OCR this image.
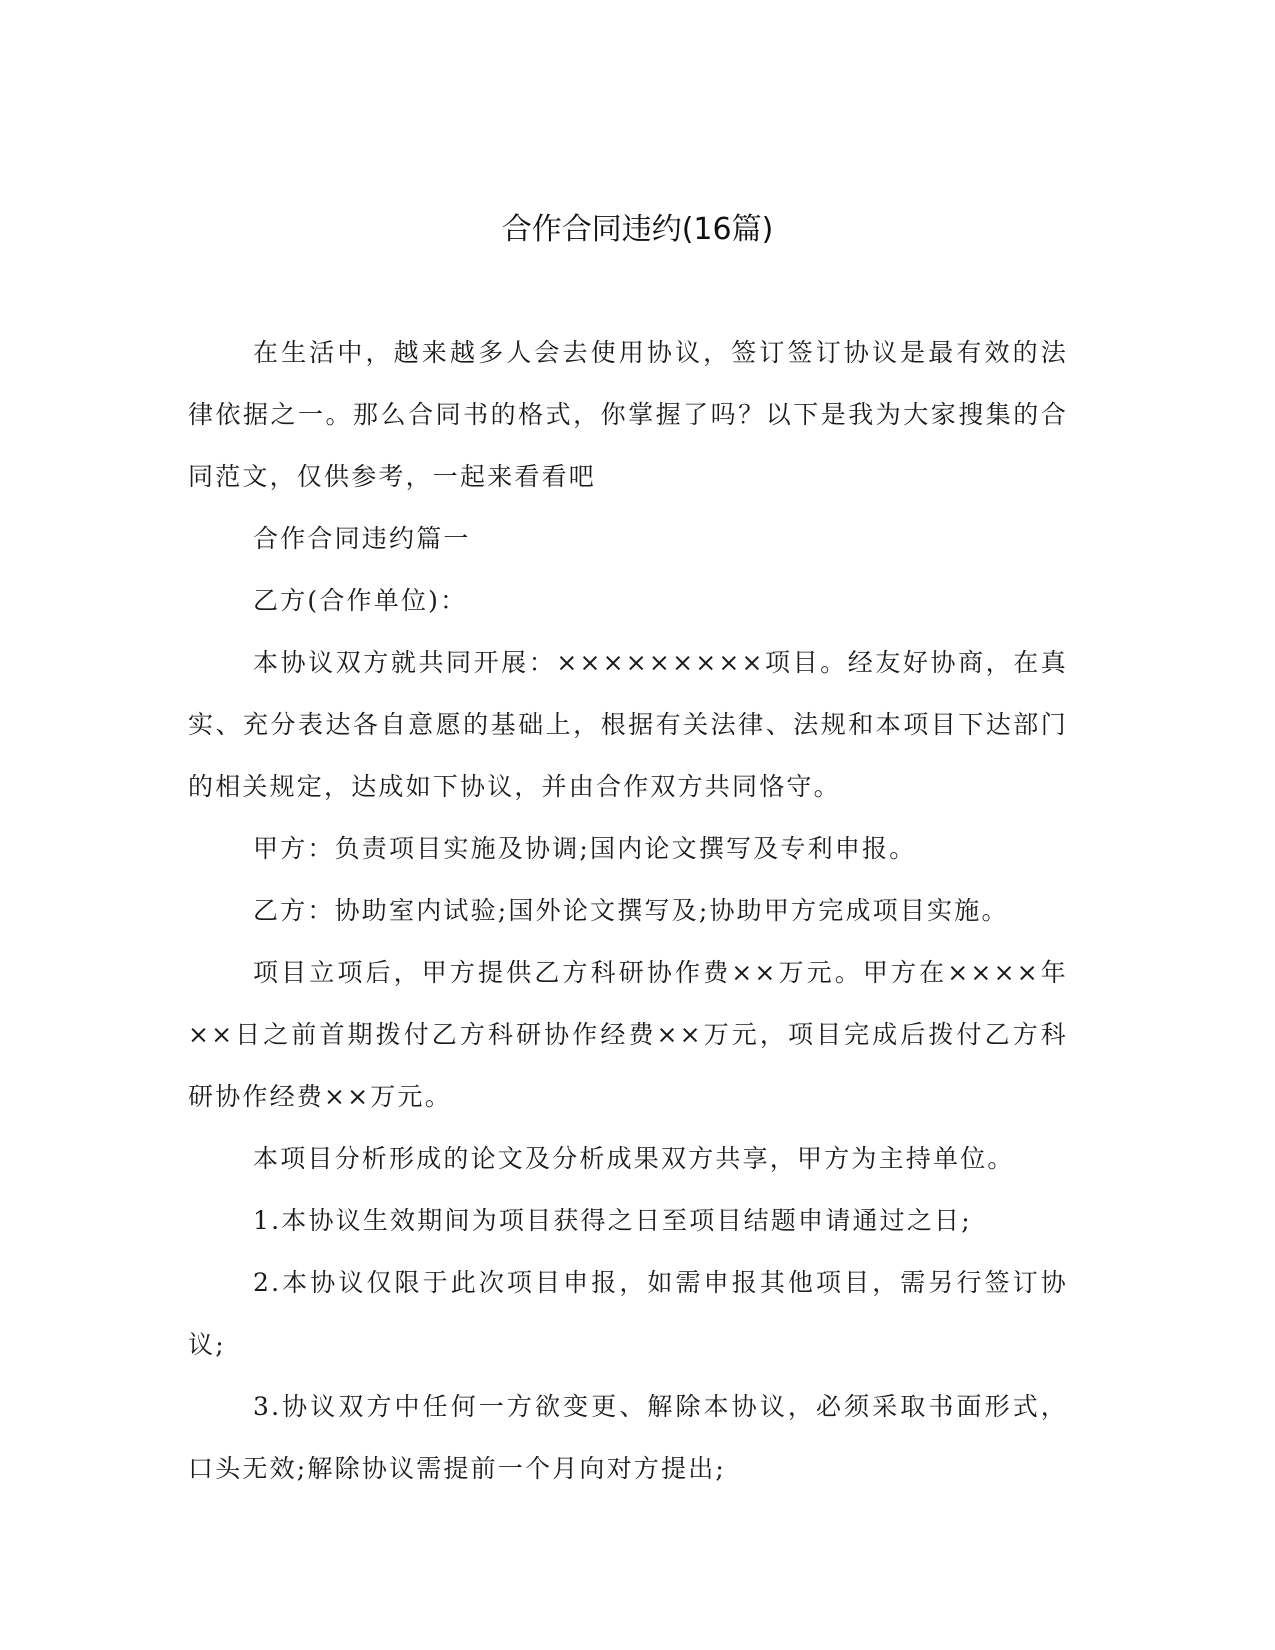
合作合同违约(16篇)

在生活中，越来越多人会去使用协议，签订签订协议是最有效的法律依据之一。那么合同书的格式，你掌握了吗？以下是我为大家搜集的合同范文，仅供参考，一起来看看吧

合作合同违约篇一

乙方(合作单位)：

本协议双方就共同开展：×××××××××项目。经友好协商，在真实、充分表达各自意愿的基础上，根据有关法律、法规和本项目下达部门的相关规定，达成如下协议，并由合作双方共同恪守。

甲方：负责项目实施及协调;国内论文撰写及专利申报。

乙方：协助室内试验;国外论文撰写及;协助甲方完成项目实施。

项目立项后，甲方提供乙方科研协作费××万元。甲方在××××年××日之前首期拨付乙方科研协作经费××万元，项目完成后拨付乙方科研协作经费××万元。

本项目分析形成的论文及分析成果双方共享，甲方为主持单位。

1.本协议生效期间为项目获得之日至项目结题申请通过之日;

2.本协议仅限于此次项目申报，如需申报其他项目，需另行签订协议;

3.协议双方中任何一方欲变更、解除本协议，必须采取书面形式，口头无效;解除协议需提前一个月向对方提出;
